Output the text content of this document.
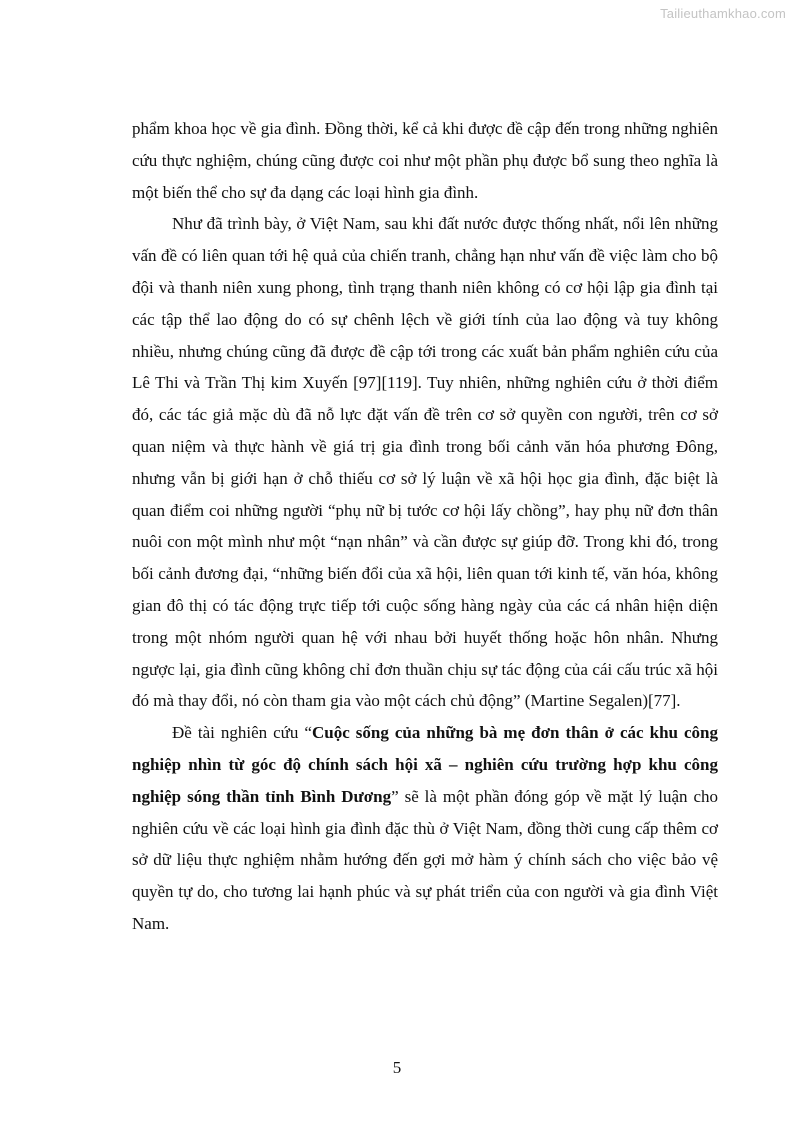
Tailieuthamkhao.com

phẩm khoa học về gia đình. Đồng thời, kể cả khi được đề cập đến trong những nghiên cứu thực nghiệm, chúng cũng được coi như một phần phụ được bổ sung theo nghĩa là một biến thể cho sự đa dạng các loại hình gia đình.

Như đã trình bày, ở Việt Nam, sau khi đất nước được thống nhất, nổi lên những vấn đề có liên quan tới hệ quả của chiến tranh, chẳng hạn như vấn đề việc làm cho bộ đội và thanh niên xung phong, tình trạng thanh niên không có cơ hội lập gia đình tại các tập thể lao động do có sự chênh lệch về giới tính của lao động và tuy không nhiều, nhưng chúng cũng đã được đề cập tới trong các xuất bản phẩm nghiên cứu của Lê Thi và Trần Thị kim Xuyến [97][119]. Tuy nhiên, những nghiên cứu ở thời điểm đó, các tác giả mặc dù đã nỗ lực đặt vấn đề trên cơ sở quyền con người, trên cơ sở quan niệm và thực hành về giá trị gia đình trong bối cảnh văn hóa phương Đông, nhưng vẫn bị giới hạn ở chỗ thiếu cơ sở lý luận về xã hội học gia đình, đặc biệt là quan điểm coi những người “phụ nữ bị tước cơ hội lấy chồng”, hay phụ nữ đơn thân nuôi con một mình như một “nạn nhân” và cần được sự giúp đỡ. Trong khi đó, trong bối cảnh đương đại, “những biến đổi của xã hội, liên quan tới kinh tế, văn hóa, không gian đô thị có tác động trực tiếp tới cuộc sống hàng ngày của các cá nhân hiện diện trong một nhóm người quan hệ với nhau bởi huyết thống hoặc hôn nhân. Nhưng ngược lại, gia đình cũng không chỉ đơn thuần chịu sự tác động của cái cấu trúc xã hội đó mà thay đổi, nó còn tham gia vào một cách chủ động” (Martine Segalen)[77].

Đề tài nghiên cứu “Cuộc sống của những bà mẹ đơn thân ở các khu công nghiệp nhìn từ góc độ chính sách hội xã – nghiên cứu trường hợp khu công nghiệp sóng thần tỉnh Bình Dương” sẽ là một phần đóng góp về mặt lý luận cho nghiên cứu về các loại hình gia đình đặc thù ở Việt Nam, đồng thời cung cấp thêm cơ sở dữ liệu thực nghiệm nhằm hướng đến gợi mở hàm ý chính sách cho việc bảo vệ quyền tự do, cho tương lai hạnh phúc và sự phát triển của con người và gia đình Việt Nam.

5
